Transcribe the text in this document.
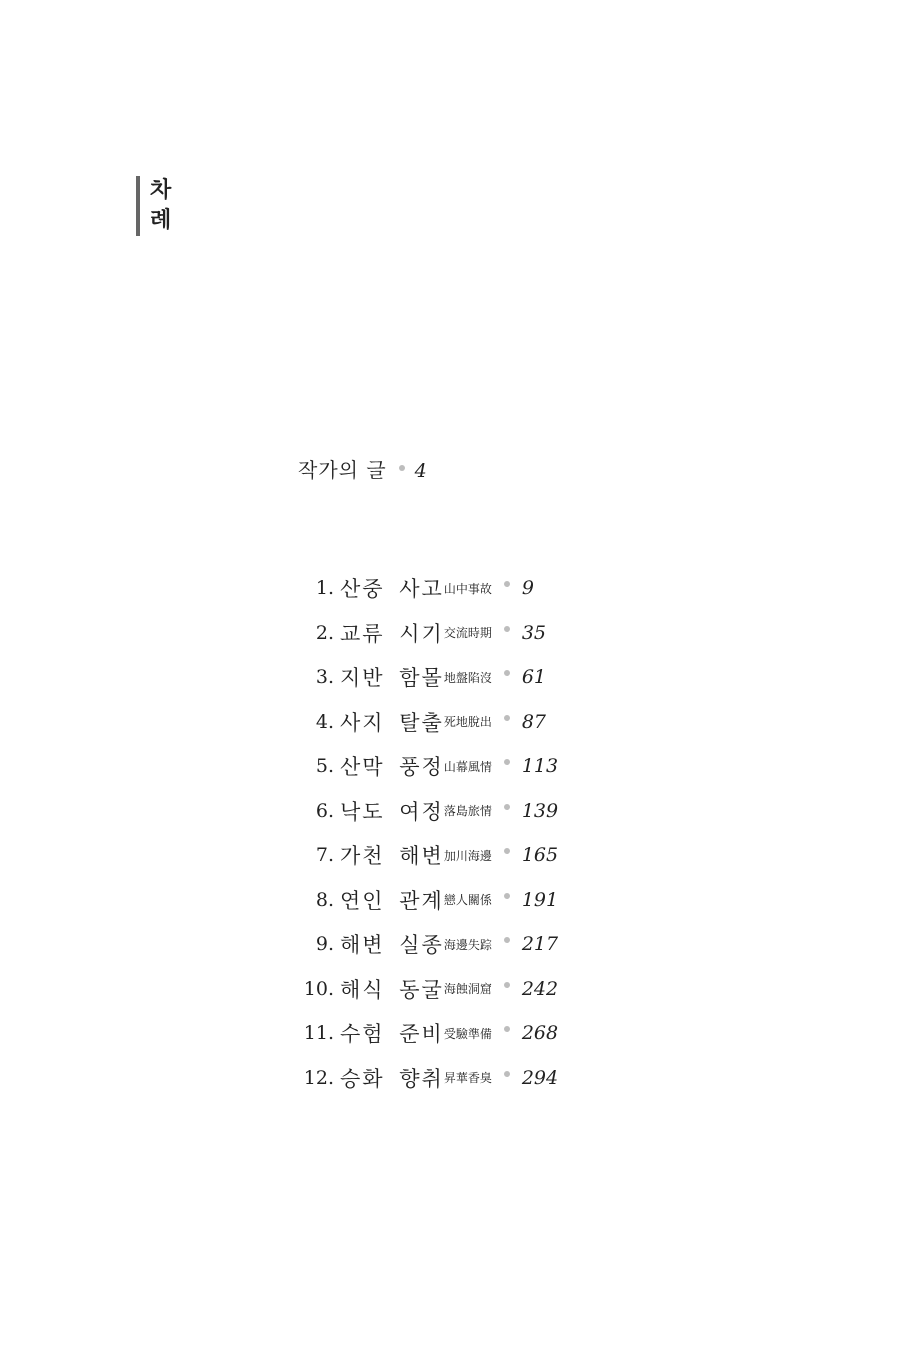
차
례
작가의 글 4
1. 산중 사고 山中事故 9
2. 교류 시기 交流時期 35
3. 지반 함몰 地盤陷沒 61
4. 사지 탈출 死地脫出 87
5. 산막 풍정 山幕風情 113
6. 낙도 여정 落島旅情 139
7. 가천 해변 加川海邊 165
8. 연인 관계 戀人關係 191
9. 해변 실종 海邊失踪 217
10. 해식 동굴 海蝕洞窟 242
11. 수험 준비 受驗準備 268
12. 승화 향취 昇華香臭 294
